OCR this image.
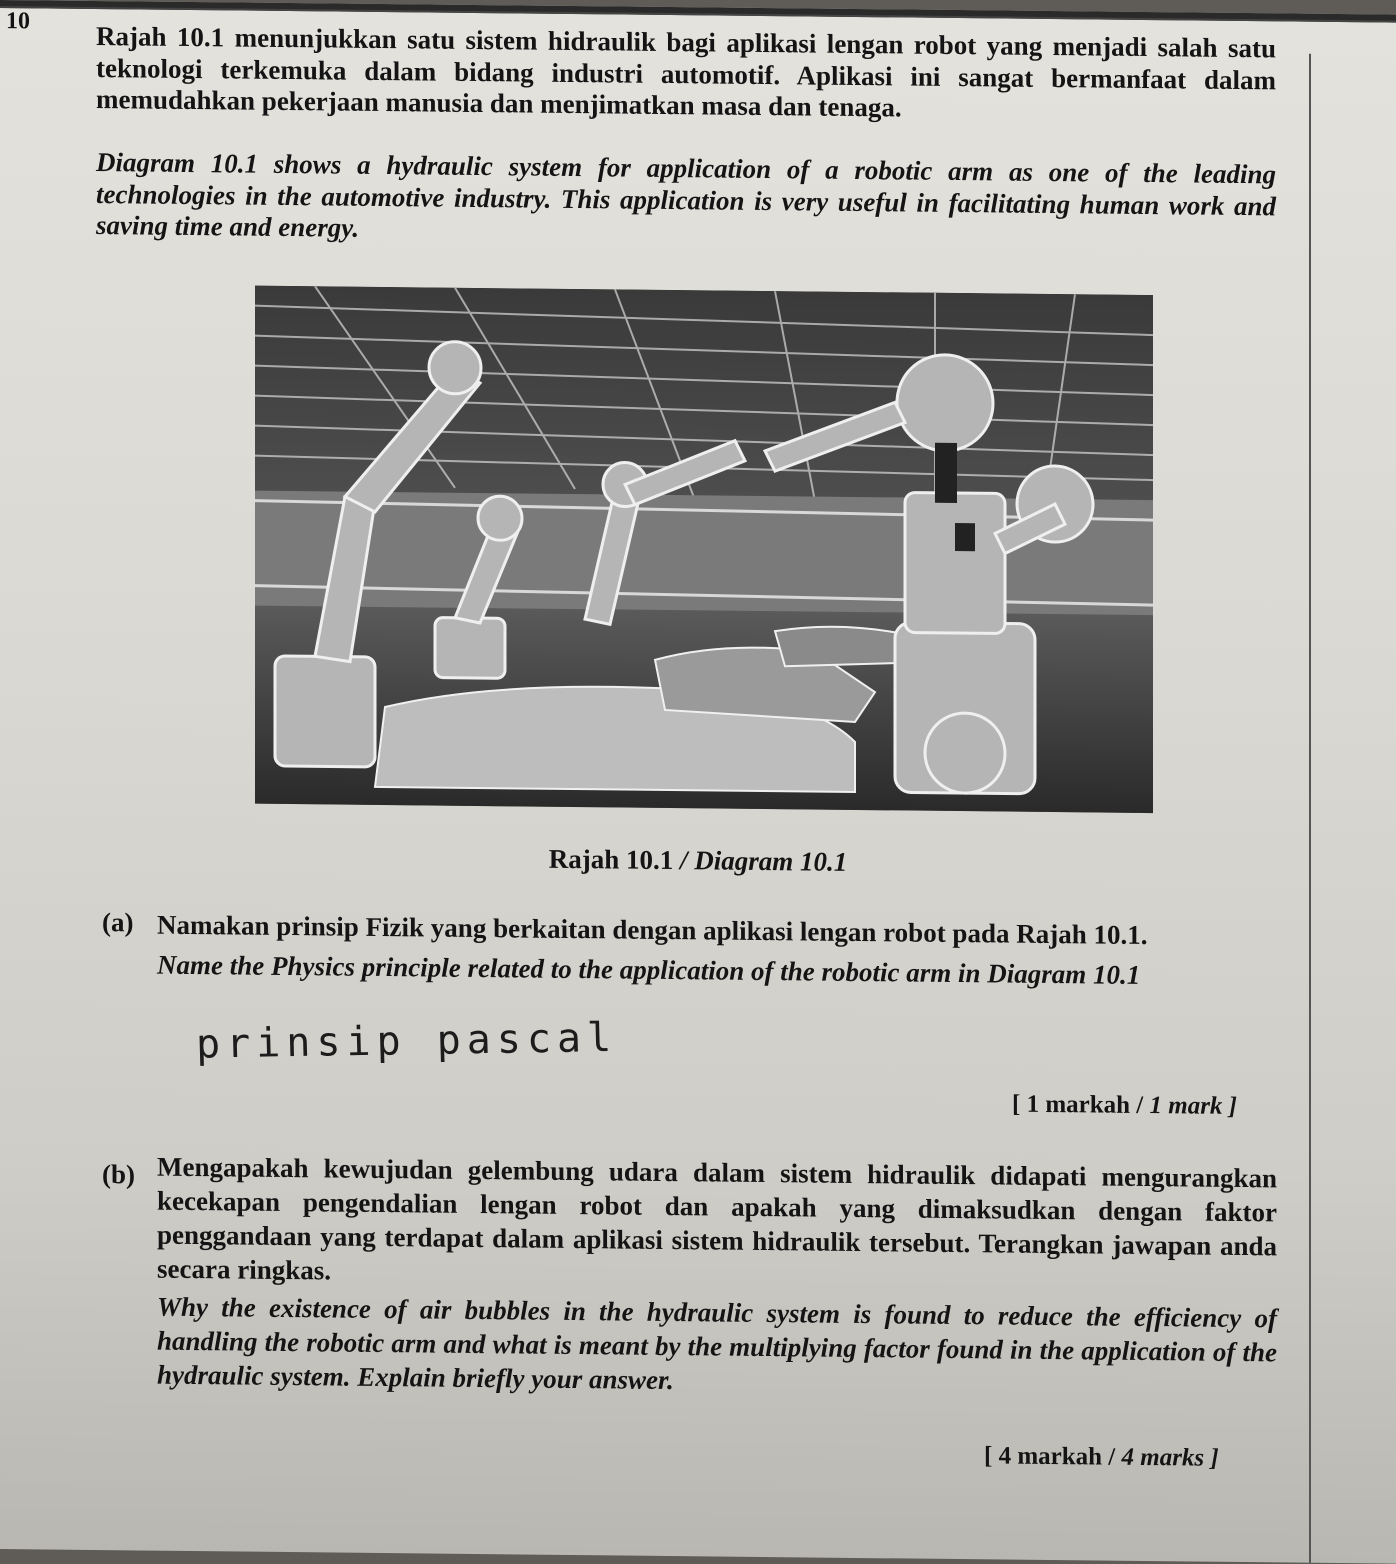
10 Rajah 10.1 menunjukkan satu sistem hidraulik bagi aplikasi lengan robot yang menjadi salah satu teknologi terkemuka dalam bidang industri automotif. Aplikasi ini sangat bermanfaat dalam memudahkan pekerjaan manusia dan menjimatkan masa dan tenaga.
Diagram 10.1 shows a hydraulic system for application of a robotic arm as one of the leading technologies in the automotive industry. This application is very useful in facilitating human work and saving time and energy.
Rajah 10.1 / Diagram 10.1
(a) Namakan prinsip Fizik yang berkaitan dengan aplikasi lengan robot pada Rajah 10.1.
Name the Physics principle related to the application of the robotic arm in Diagram 10.1
prinsip pascal
[ 1 markah / 1 mark ]
(b) Mengapakah kewujudan gelembung udara dalam sistem hidraulik didapati mengurangkan kecekapan pengendalian lengan robot dan apakah yang dimaksudkan dengan faktor penggandaan yang terdapat dalam aplikasi sistem hidraulik tersebut. Terangkan jawapan anda secara ringkas.
Why the existence of air bubbles in the hydraulic system is found to reduce the efficiency of handling the robotic arm and what is meant by the multiplying factor found in the application of the hydraulic system. Explain briefly your answer.
[ 4 markah / 4 marks ]
